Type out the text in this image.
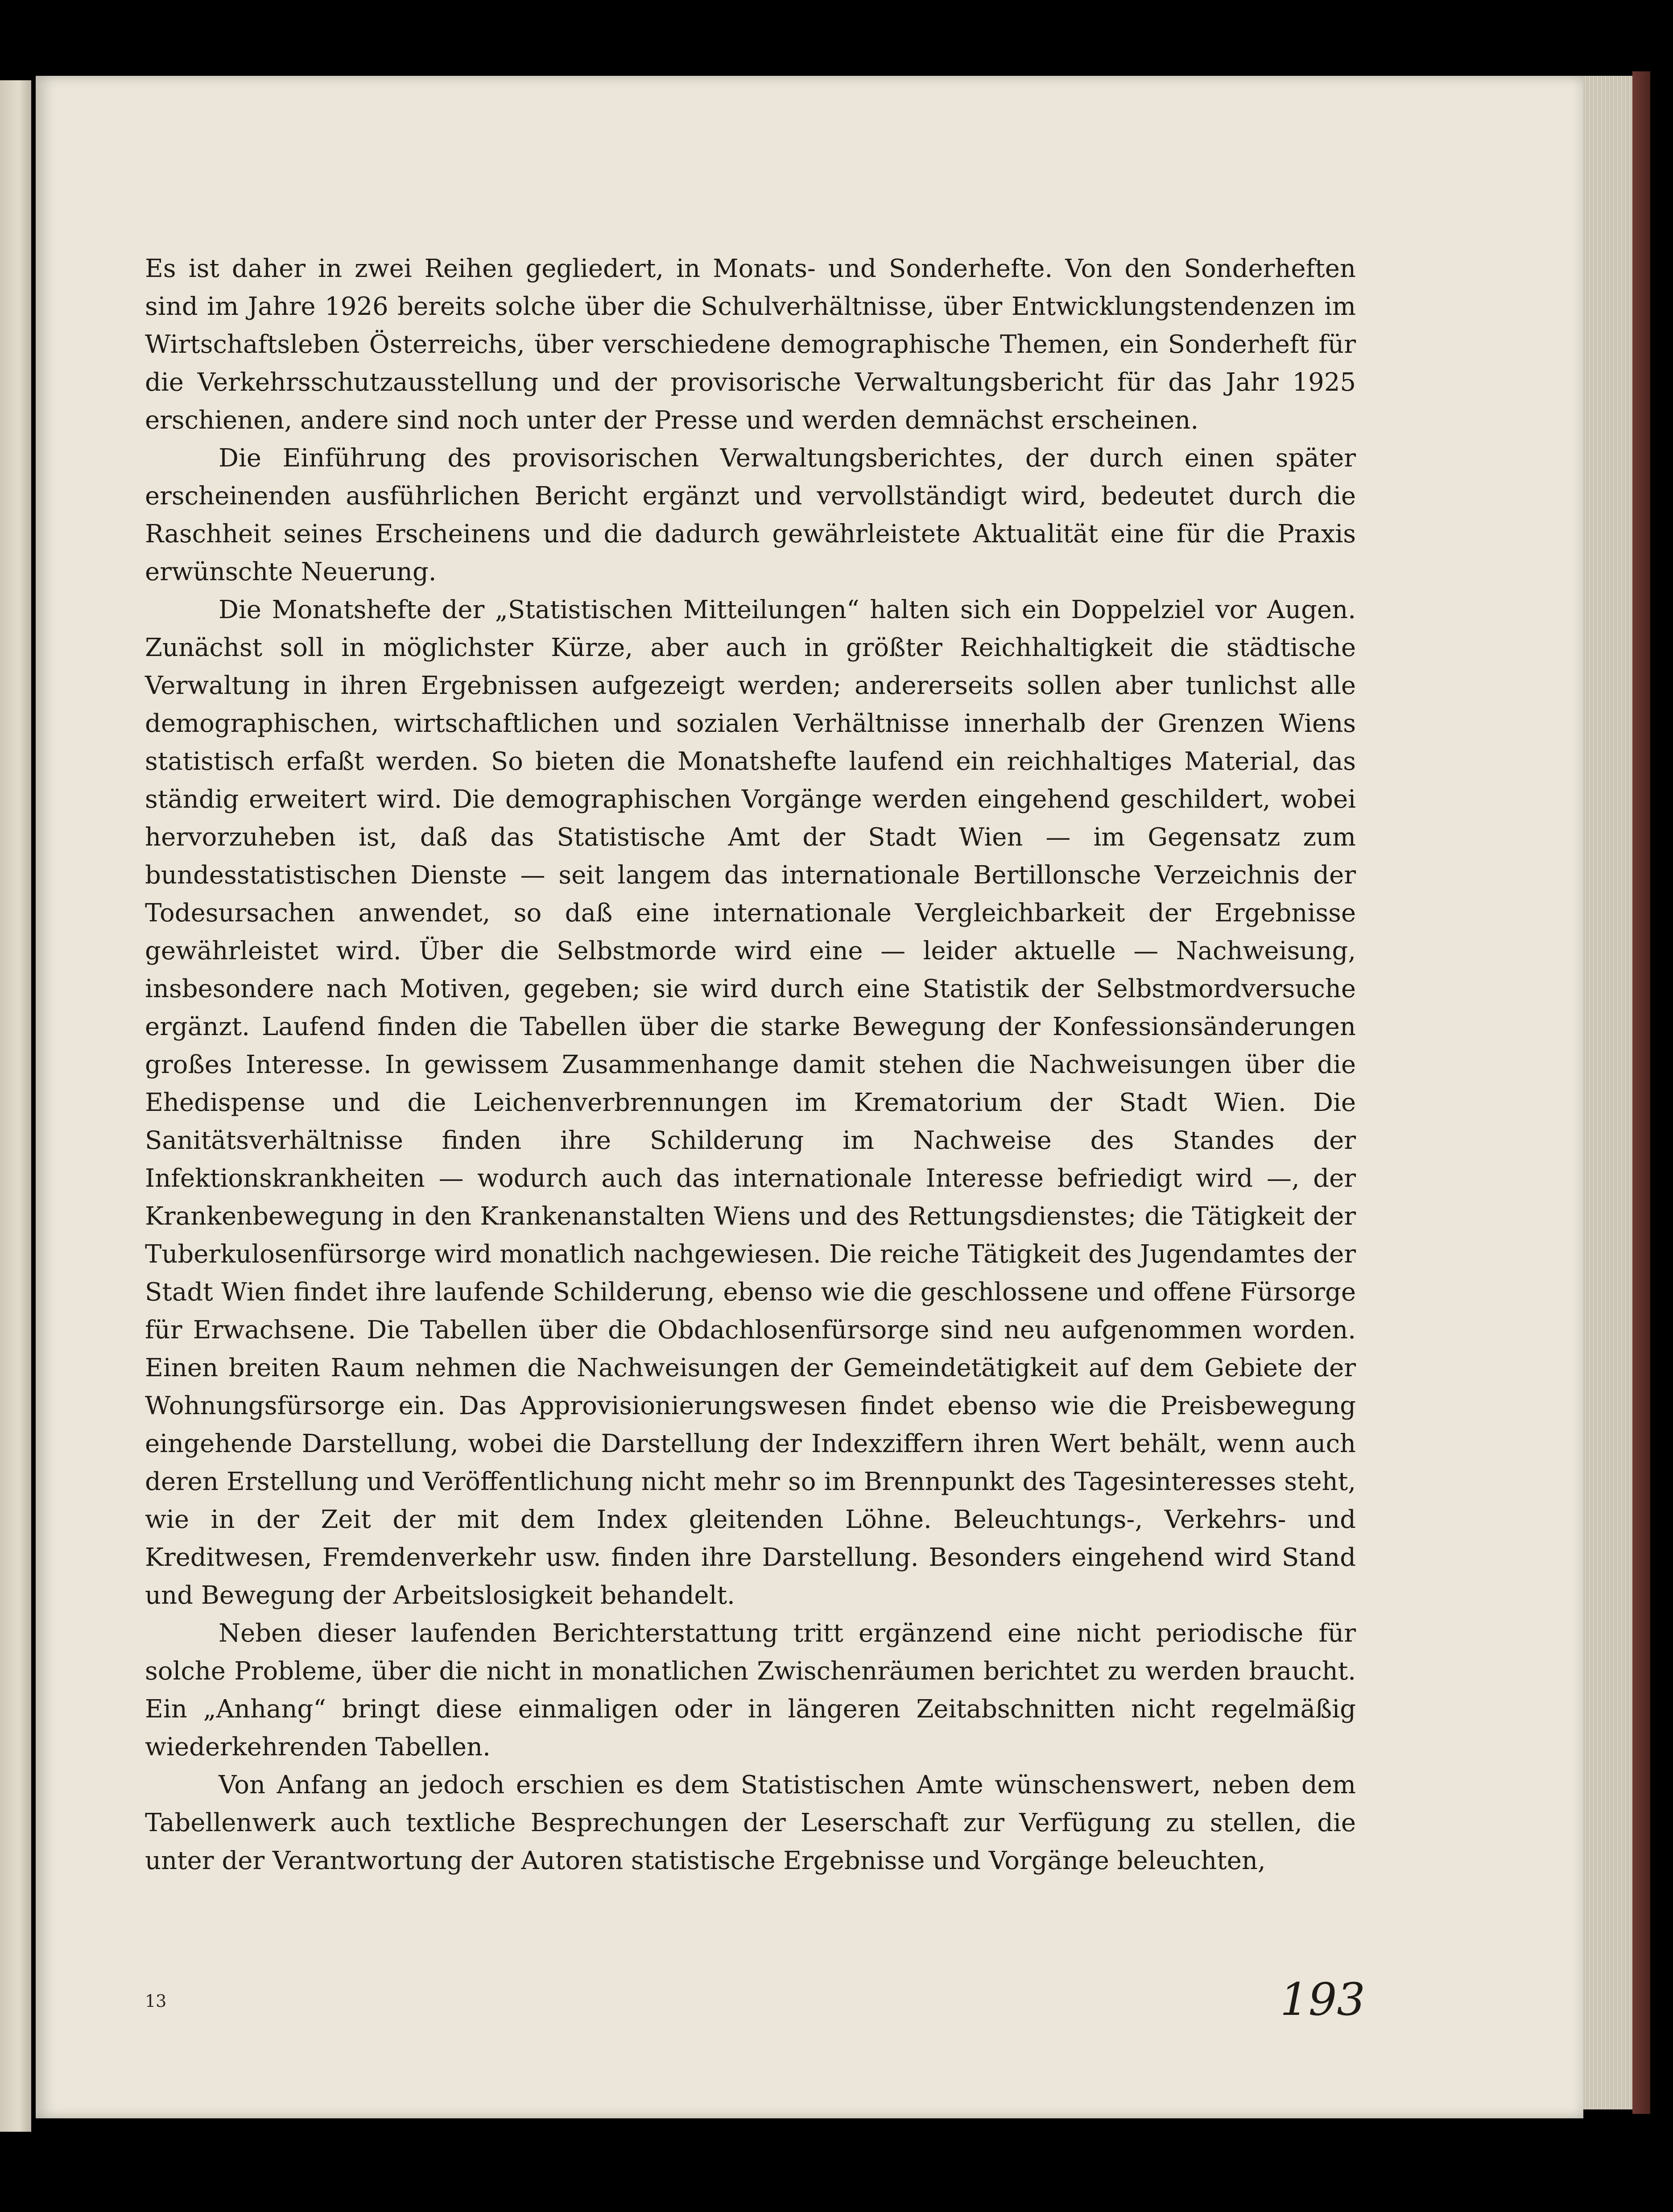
Es ist daher in zwei Reihen gegliedert, in Monats- und Sonderhefte. Von den Sonderheften sind im Jahre 1926 bereits solche über die Schulverhältnisse, über Entwicklungstendenzen im Wirtschaftsleben Österreichs, über verschiedene demographische Themen, ein Sonderheft für die Verkehrsschutzausstellung und der provisorische Verwaltungsbericht für das Jahr 1925 erschienen, andere sind noch unter der Presse und werden demnächst erscheinen.

Die Einführung des provisorischen Verwaltungsberichtes, der durch einen später erscheinenden ausführlichen Bericht ergänzt und vervollständigt wird, bedeutet durch die Raschheit seines Erscheinens und die dadurch gewährleistete Aktualität eine für die Praxis erwünschte Neuerung.

Die Monatshefte der „Statistischen Mitteilungen“ halten sich ein Doppelziel vor Augen. Zunächst soll in möglichster Kürze, aber auch in größter Reichhaltigkeit die städtische Verwaltung in ihren Ergebnissen aufgezeigt werden; andererseits sollen aber tunlichst alle demographischen, wirtschaftlichen und sozialen Verhältnisse innerhalb der Grenzen Wiens statistisch erfaßt werden. So bieten die Monatshefte laufend ein reichhaltiges Material, das ständig erweitert wird. Die demographischen Vorgänge werden eingehend geschildert, wobei hervorzuheben ist, daß das Statistische Amt der Stadt Wien — im Gegensatz zum bundesstatistischen Dienste — seit langem das internationale Bertillonsche Verzeichnis der Todesursachen anwendet, so daß eine internationale Vergleichbarkeit der Ergebnisse gewährleistet wird. Über die Selbstmorde wird eine — leider aktuelle — Nachweisung, insbesondere nach Motiven, gegeben; sie wird durch eine Statistik der Selbstmordversuche ergänzt. Laufend finden die Tabellen über die starke Bewegung der Konfessionsänderungen großes Interesse. In gewissem Zusammenhange damit stehen die Nachweisungen über die Ehedispense und die Leichenverbrennungen im Krematorium der Stadt Wien. Die Sanitätsverhältnisse finden ihre Schilderung im Nachweise des Standes der Infektionskrankheiten — wodurch auch das internationale Interesse befriedigt wird —, der Krankenbewegung in den Krankenanstalten Wiens und des Rettungsdienstes; die Tätigkeit der Tuberkulosenfürsorge wird monatlich nachgewiesen. Die reiche Tätigkeit des Jugendamtes der Stadt Wien findet ihre laufende Schilderung, ebenso wie die geschlossene und offene Fürsorge für Erwachsene. Die Tabellen über die Obdachlosenfürsorge sind neu aufgenommen worden. Einen breiten Raum nehmen die Nachweisungen der Gemeindetätigkeit auf dem Gebiete der Wohnungsfürsorge ein. Das Approvisionierungswesen findet ebenso wie die Preisbewegung eingehende Darstellung, wobei die Darstellung der Indexziffern ihren Wert behält, wenn auch deren Erstellung und Veröffentlichung nicht mehr so im Brennpunkt des Tagesinteresses steht, wie in der Zeit der mit dem Index gleitenden Löhne. Beleuchtungs-, Verkehrs- und Kreditwesen, Fremdenverkehr usw. finden ihre Darstellung. Besonders eingehend wird Stand und Bewegung der Arbeitslosigkeit behandelt.

Neben dieser laufenden Berichterstattung tritt ergänzend eine nicht periodische für solche Probleme, über die nicht in monatlichen Zwischenräumen berichtet zu werden braucht. Ein „Anhang“ bringt diese einmaligen oder in längeren Zeitabschnitten nicht regelmäßig wiederkehrenden Tabellen.

Von Anfang an jedoch erschien es dem Statistischen Amte wünschenswert, neben dem Tabellenwerk auch textliche Besprechungen der Leserschaft zur Verfügung zu stellen, die unter der Verantwortung der Autoren statistische Ergebnisse und Vorgänge beleuchten,

13	193
